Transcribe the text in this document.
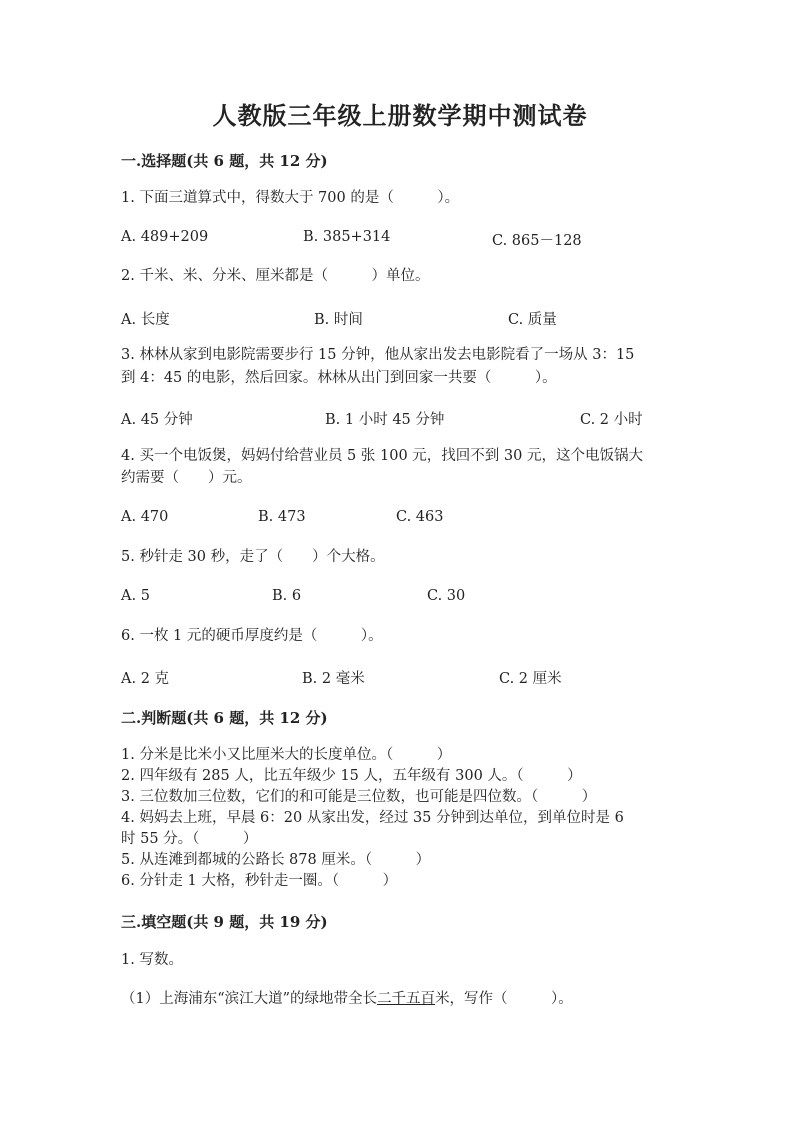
人教版三年级上册数学期中测试卷
一.选择题(共 6 题，共 12 分)
1. 下面三道算式中，得数大于 700 的是（　　　）。
A. 489+209	B. 385+314	C. 865－128
2. 千米、米、分米、厘米都是（　　　）单位。
A. 长度	B. 时间	C. 质量
3. 林林从家到电影院需要步行 15 分钟，他从家出发去电影院看了一场从 3：15
到 4：45 的电影，然后回家。林林从出门到回家一共要（　　　）。
A. 45 分钟	B. 1 小时 45 分钟	C. 2 小时
4. 买一个电饭煲，妈妈付给营业员 5 张 100 元，找回不到 30 元，这个电饭锅大
约需要（　　）元。
A. 470	B. 473	C. 463
5. 秒针走 30 秒，走了（　　）个大格。
A. 5	B. 6	C. 30
6. 一枚 1 元的硬币厚度约是（　　　）。
A. 2 克	B. 2 毫米	C. 2 厘米
二.判断题(共 6 题，共 12 分)
1. 分米是比米小又比厘米大的长度单位。（　　　）
2. 四年级有 285 人，比五年级少 15 人，五年级有 300 人。（　　　）
3. 三位数加三位数，它们的和可能是三位数，也可能是四位数。（　　　）
4. 妈妈去上班，早晨 6：20 从家出发，经过 35 分钟到达单位，到单位时是 6
时 55 分。（　　　）
5. 从连滩到都城的公路长 878 厘米。（　　　）
6. 分针走 1 大格，秒针走一圈。（　　　）
三.填空题(共 9 题，共 19 分)
1. 写数。
（1）上海浦东“滨江大道”的绿地带全长二千五百米，写作（　　　）。
